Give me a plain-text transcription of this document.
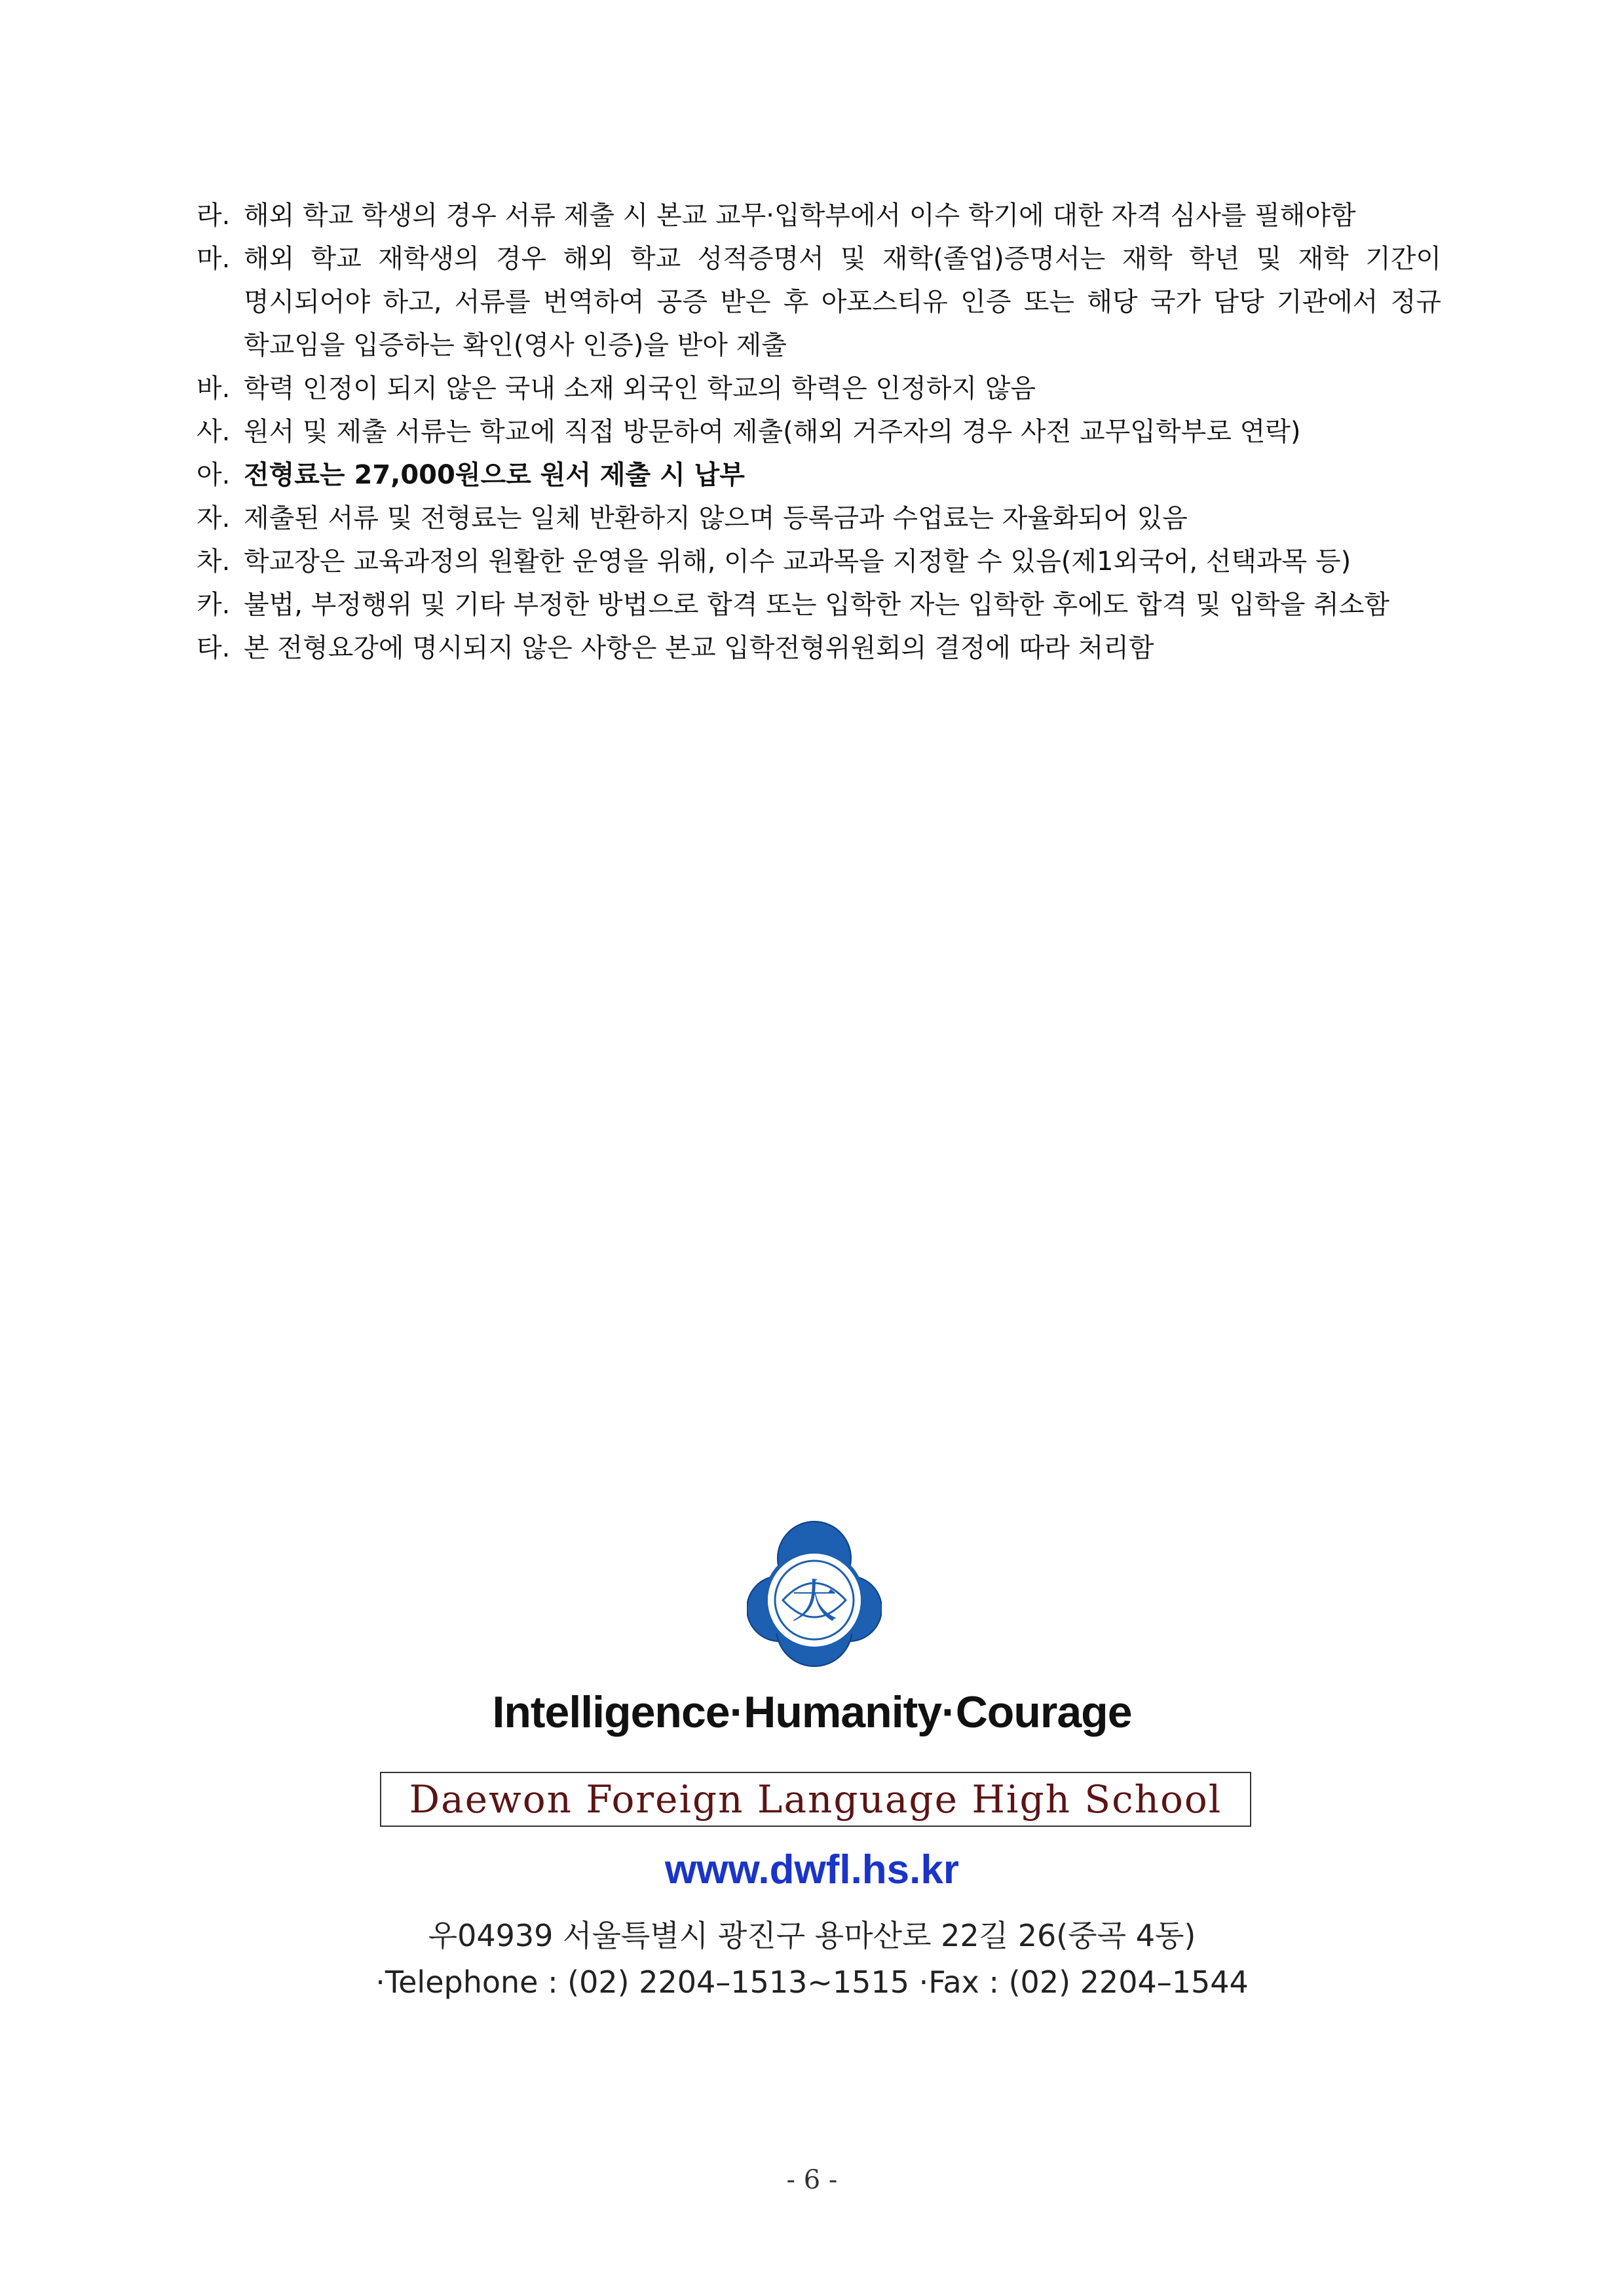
라. 해외 학교 학생의 경우 서류 제출 시 본교 교무·입학부에서 이수 학기에 대한 자격 심사를 필해야함
마. 해외 학교 재학생의 경우 해외 학교 성적증명서 및 재학(졸업)증명서는 재학 학년 및 재학 기간이 명시되어야 하고, 서류를 번역하여 공증 받은 후 아포스티유 인증 또는 해당 국가 담당 기관에서 정규 학교임을 입증하는 확인(영사 인증)을 받아 제출
바. 학력 인정이 되지 않은 국내 소재 외국인 학교의 학력은 인정하지 않음
사. 원서 및 제출 서류는 학교에 직접 방문하여 제출(해외 거주자의 경우 사전 교무입학부로 연락)
아. 전형료는 27,000원으로 원서 제출 시 납부
자. 제출된 서류 및 전형료는 일체 반환하지 않으며 등록금과 수업료는 자율화되어 있음
차. 학교장은 교육과정의 원활한 운영을 위해, 이수 교과목을 지정할 수 있음(제1외국어, 선택과목 등)
카. 불법, 부정행위 및 기타 부정한 방법으로 합격 또는 입학한 자는 입학한 후에도 합격 및 입학을 취소함
타. 본 전형요강에 명시되지 않은 사항은 본교 입학전형위원회의 결정에 따라 처리함
大
Intelligence·Humanity·Courage
Daewon Foreign Language High School
www.dwfl.hs.kr
우04939 서울특별시 광진구 용마산로 22길 26(중곡 4동)
·Telephone : (02) 2204–1513~1515 ·Fax : (02) 2204–1544
- 6 -
